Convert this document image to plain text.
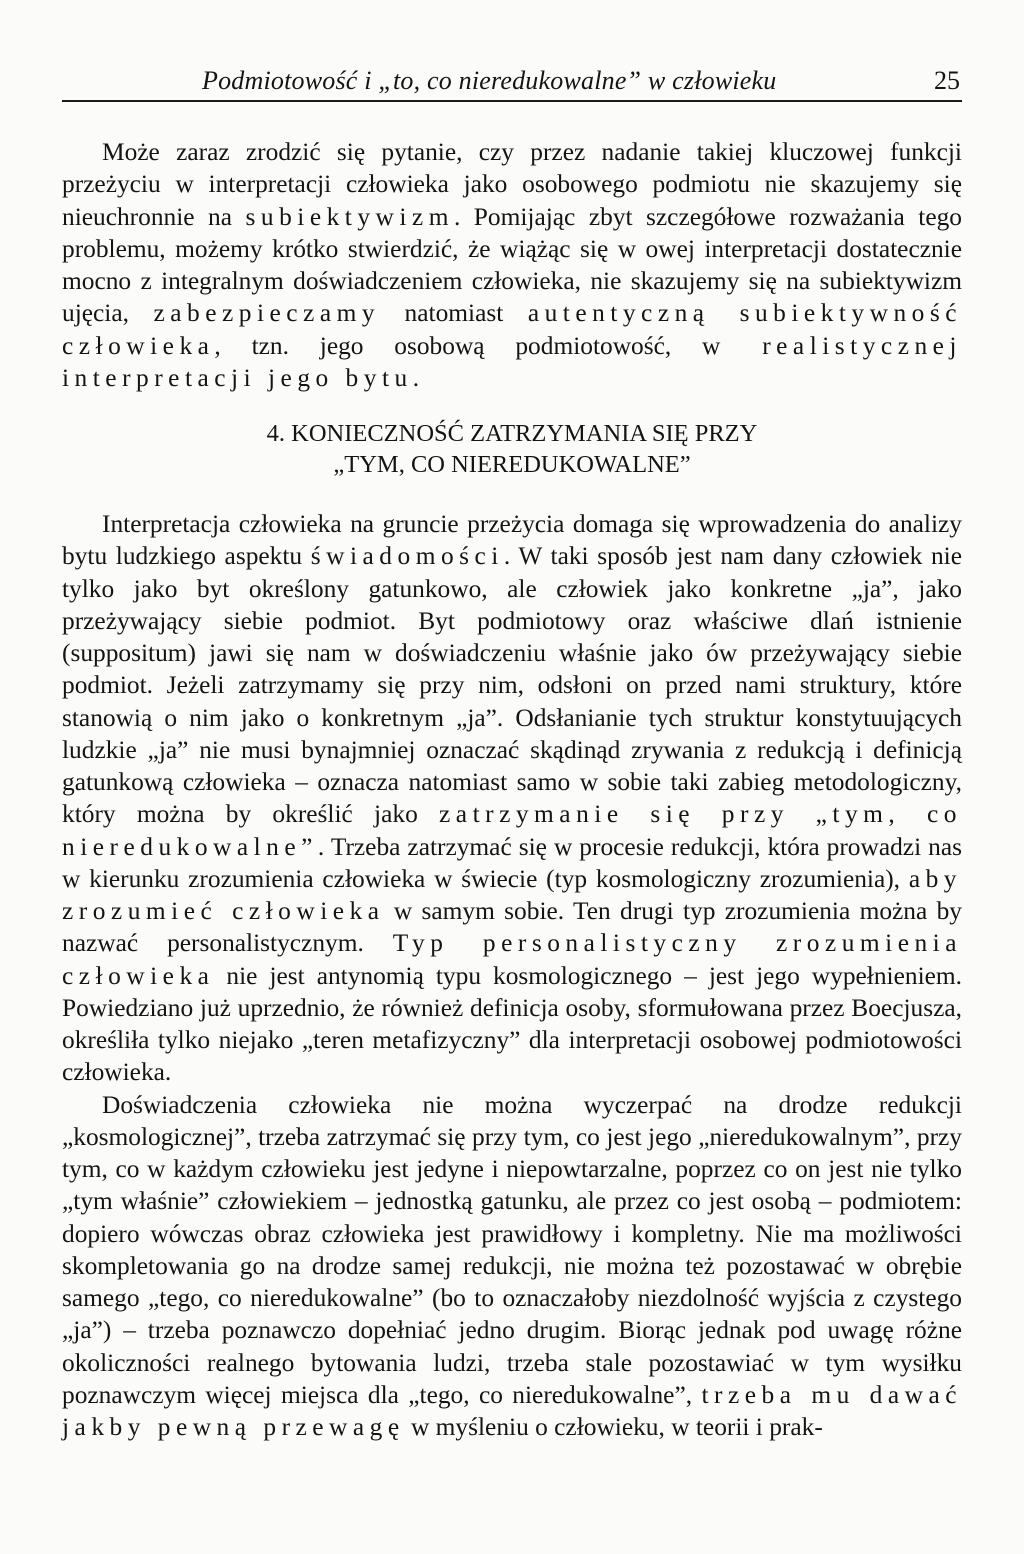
Podmiotowość i „to, co nieredukowalne” w człowieku	25

Może zaraz zrodzić się pytanie, czy przez nadanie takiej kluczowej funkcji przeżyciu w interpretacji człowieka jako osobowego podmiotu nie skazujemy się nieuchronnie na subiektywizm. Pomijając zbyt szczegółowe rozważania tego problemu, możemy krótko stwierdzić, że wiążąc się w owej interpretacji dostatecznie mocno z integralnym doświadczeniem człowieka, nie skazujemy się na subiektywizm ujęcia, zabezpieczamy natomiast autentyczną subiektywność człowieka, tzn. jego osobową podmiotowość, w realistycznej interpretacji jego bytu.

4. KONIECZNOŚĆ ZATRZYMANIA SIĘ PRZY
„TYM, CO NIEREDUKOWALNE”

Interpretacja człowieka na gruncie przeżycia domaga się wprowadzenia do analizy bytu ludzkiego aspektu świadomości. W taki sposób jest nam dany człowiek nie tylko jako byt określony gatunkowo, ale człowiek jako konkretne „ja”, jako przeżywający siebie podmiot. Byt podmiotowy oraz właściwe dlań istnienie (suppositum) jawi się nam w doświadczeniu właśnie jako ów przeżywający siebie podmiot. Jeżeli zatrzymamy się przy nim, odsłoni on przed nami struktury, które stanowią o nim jako o konkretnym „ja”. Odsłanianie tych struktur konstytuujących ludzkie „ja” nie musi bynajmniej oznaczać skądinąd zrywania z redukcją i definicją gatunkową człowieka – oznacza natomiast samo w sobie taki zabieg metodologiczny, który można by określić jako zatrzymanie się przy „tym, co nieredukowalne”. Trzeba zatrzymać się w procesie redukcji, która prowadzi nas w kierunku zrozumienia człowieka w świecie (typ kosmologiczny zrozumienia), aby zrozumieć człowieka w samym sobie. Ten drugi typ zrozumienia można by nazwać personalistycznym. Typ personalistyczny zrozumienia człowieka nie jest antynomią typu kosmologicznego – jest jego wypełnieniem. Powiedziano już uprzednio, że również definicja osoby, sformułowana przez Boecjusza, określiła tylko niejako „teren metafizyczny” dla interpretacji osobowej podmiotowości człowieka.

Doświadczenia człowieka nie można wyczerpać na drodze redukcji „kosmologicznej”, trzeba zatrzymać się przy tym, co jest jego „nieredukowalnym”, przy tym, co w każdym człowieku jest jedyne i niepowtarzalne, poprzez co on jest nie tylko „tym właśnie” człowiekiem – jednostką gatunku, ale przez co jest osobą – podmiotem: dopiero wówczas obraz człowieka jest prawidłowy i kompletny. Nie ma możliwości skompletowania go na drodze samej redukcji, nie można też pozostawać w obrębie samego „tego, co nieredukowalne” (bo to oznaczałoby niezdolność wyjścia z czystego „ja”) – trzeba poznawczo dopełniać jedno drugim. Biorąc jednak pod uwagę różne okoliczności realnego bytowania ludzi, trzeba stale pozostawiać w tym wysiłku poznawczym więcej miejsca dla „tego, co nieredukowalne”, trzeba mu dawać jakby pewną przewagę w myśleniu o człowieku, w teorii i prak-
